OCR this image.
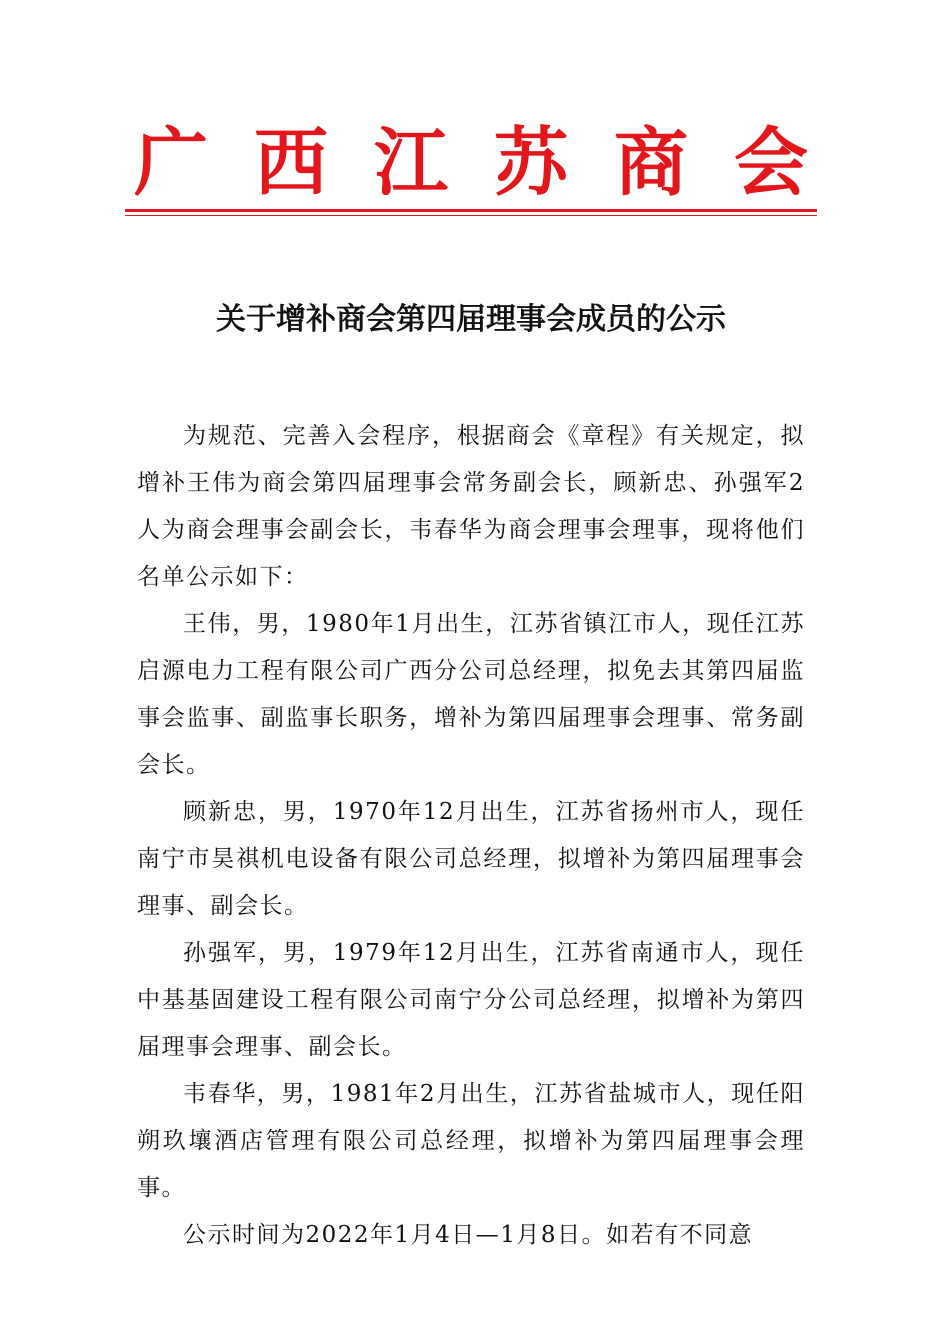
广 西 江 苏 商 会
关于增补商会第四届理事会成员的公示

为规范、完善入会程序，根据商会《章程》有关规定，拟增补王伟为商会第四届理事会常务副会长，顾新忠、孙强军2人为商会理事会副会长，韦春华为商会理事会理事，现将他们名单公示如下：

王伟，男，1980年1月出生，江苏省镇江市人，现任江苏启源电力工程有限公司广西分公司总经理，拟免去其第四届监事会监事、副监事长职务，增补为第四届理事会理事、常务副会长。

顾新忠，男，1970年12月出生，江苏省扬州市人，现任南宁市昊祺机电设备有限公司总经理，拟增补为第四届理事会理事、副会长。

孙强军，男，1979年12月出生，江苏省南通市人，现任中基基固建设工程有限公司南宁分公司总经理，拟增补为第四届理事会理事、副会长。

韦春华，男，1981年2月出生，江苏省盐城市人，现任阳朔玖壤酒店管理有限公司总经理，拟增补为第四届理事会理事。

公示时间为2022年1月4日—1月8日。如若有不同意
